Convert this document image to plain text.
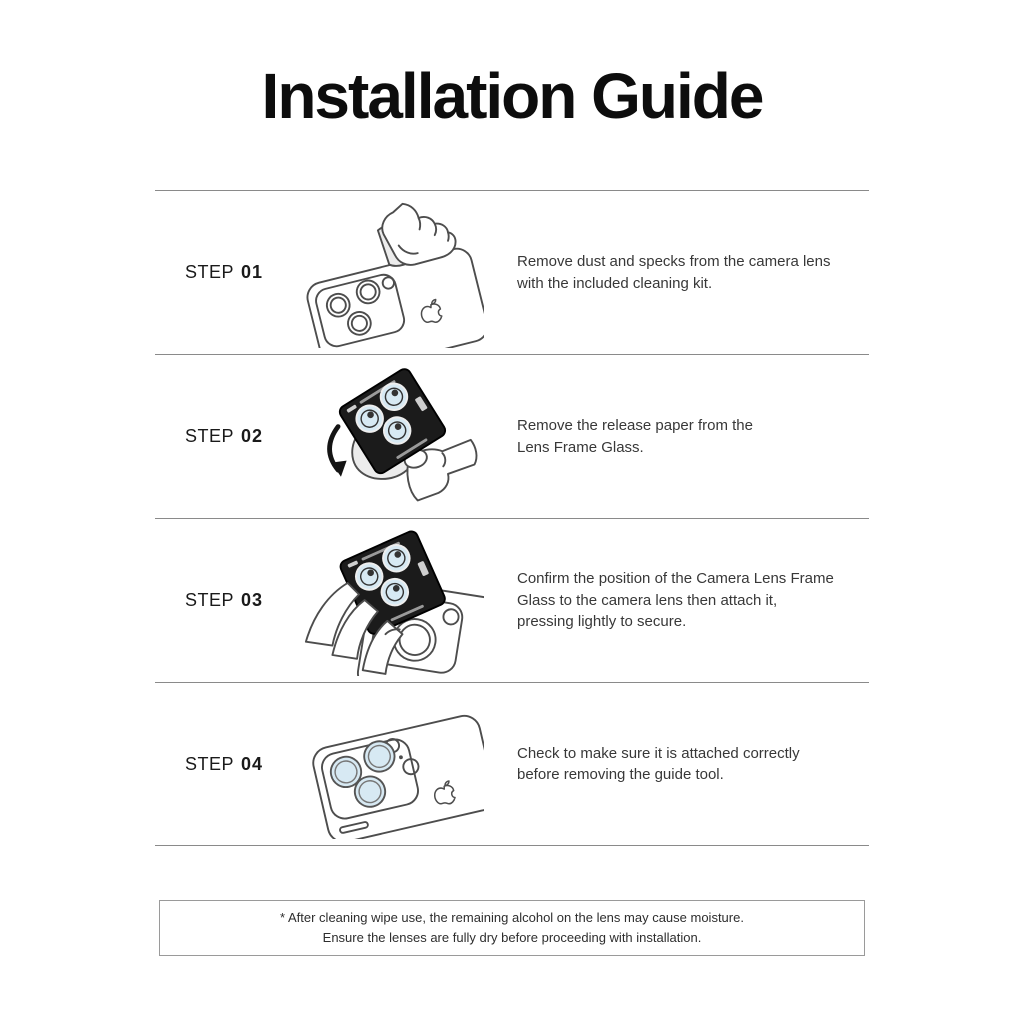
Installation Guide
STEP 01
Remove dust and specks from the camera lens
with the included cleaning kit.
STEP 02
Remove the release paper from the
Lens Frame Glass.
STEP 03
Confirm the position of the Camera Lens Frame
Glass to the camera lens then attach it,
pressing lightly to secure.
STEP 04
Check to make sure it is attached correctly
before removing the guide tool.
* After cleaning wipe use, the remaining alcohol on the lens may cause moisture.
Ensure the lenses are fully dry before proceeding with installation.
